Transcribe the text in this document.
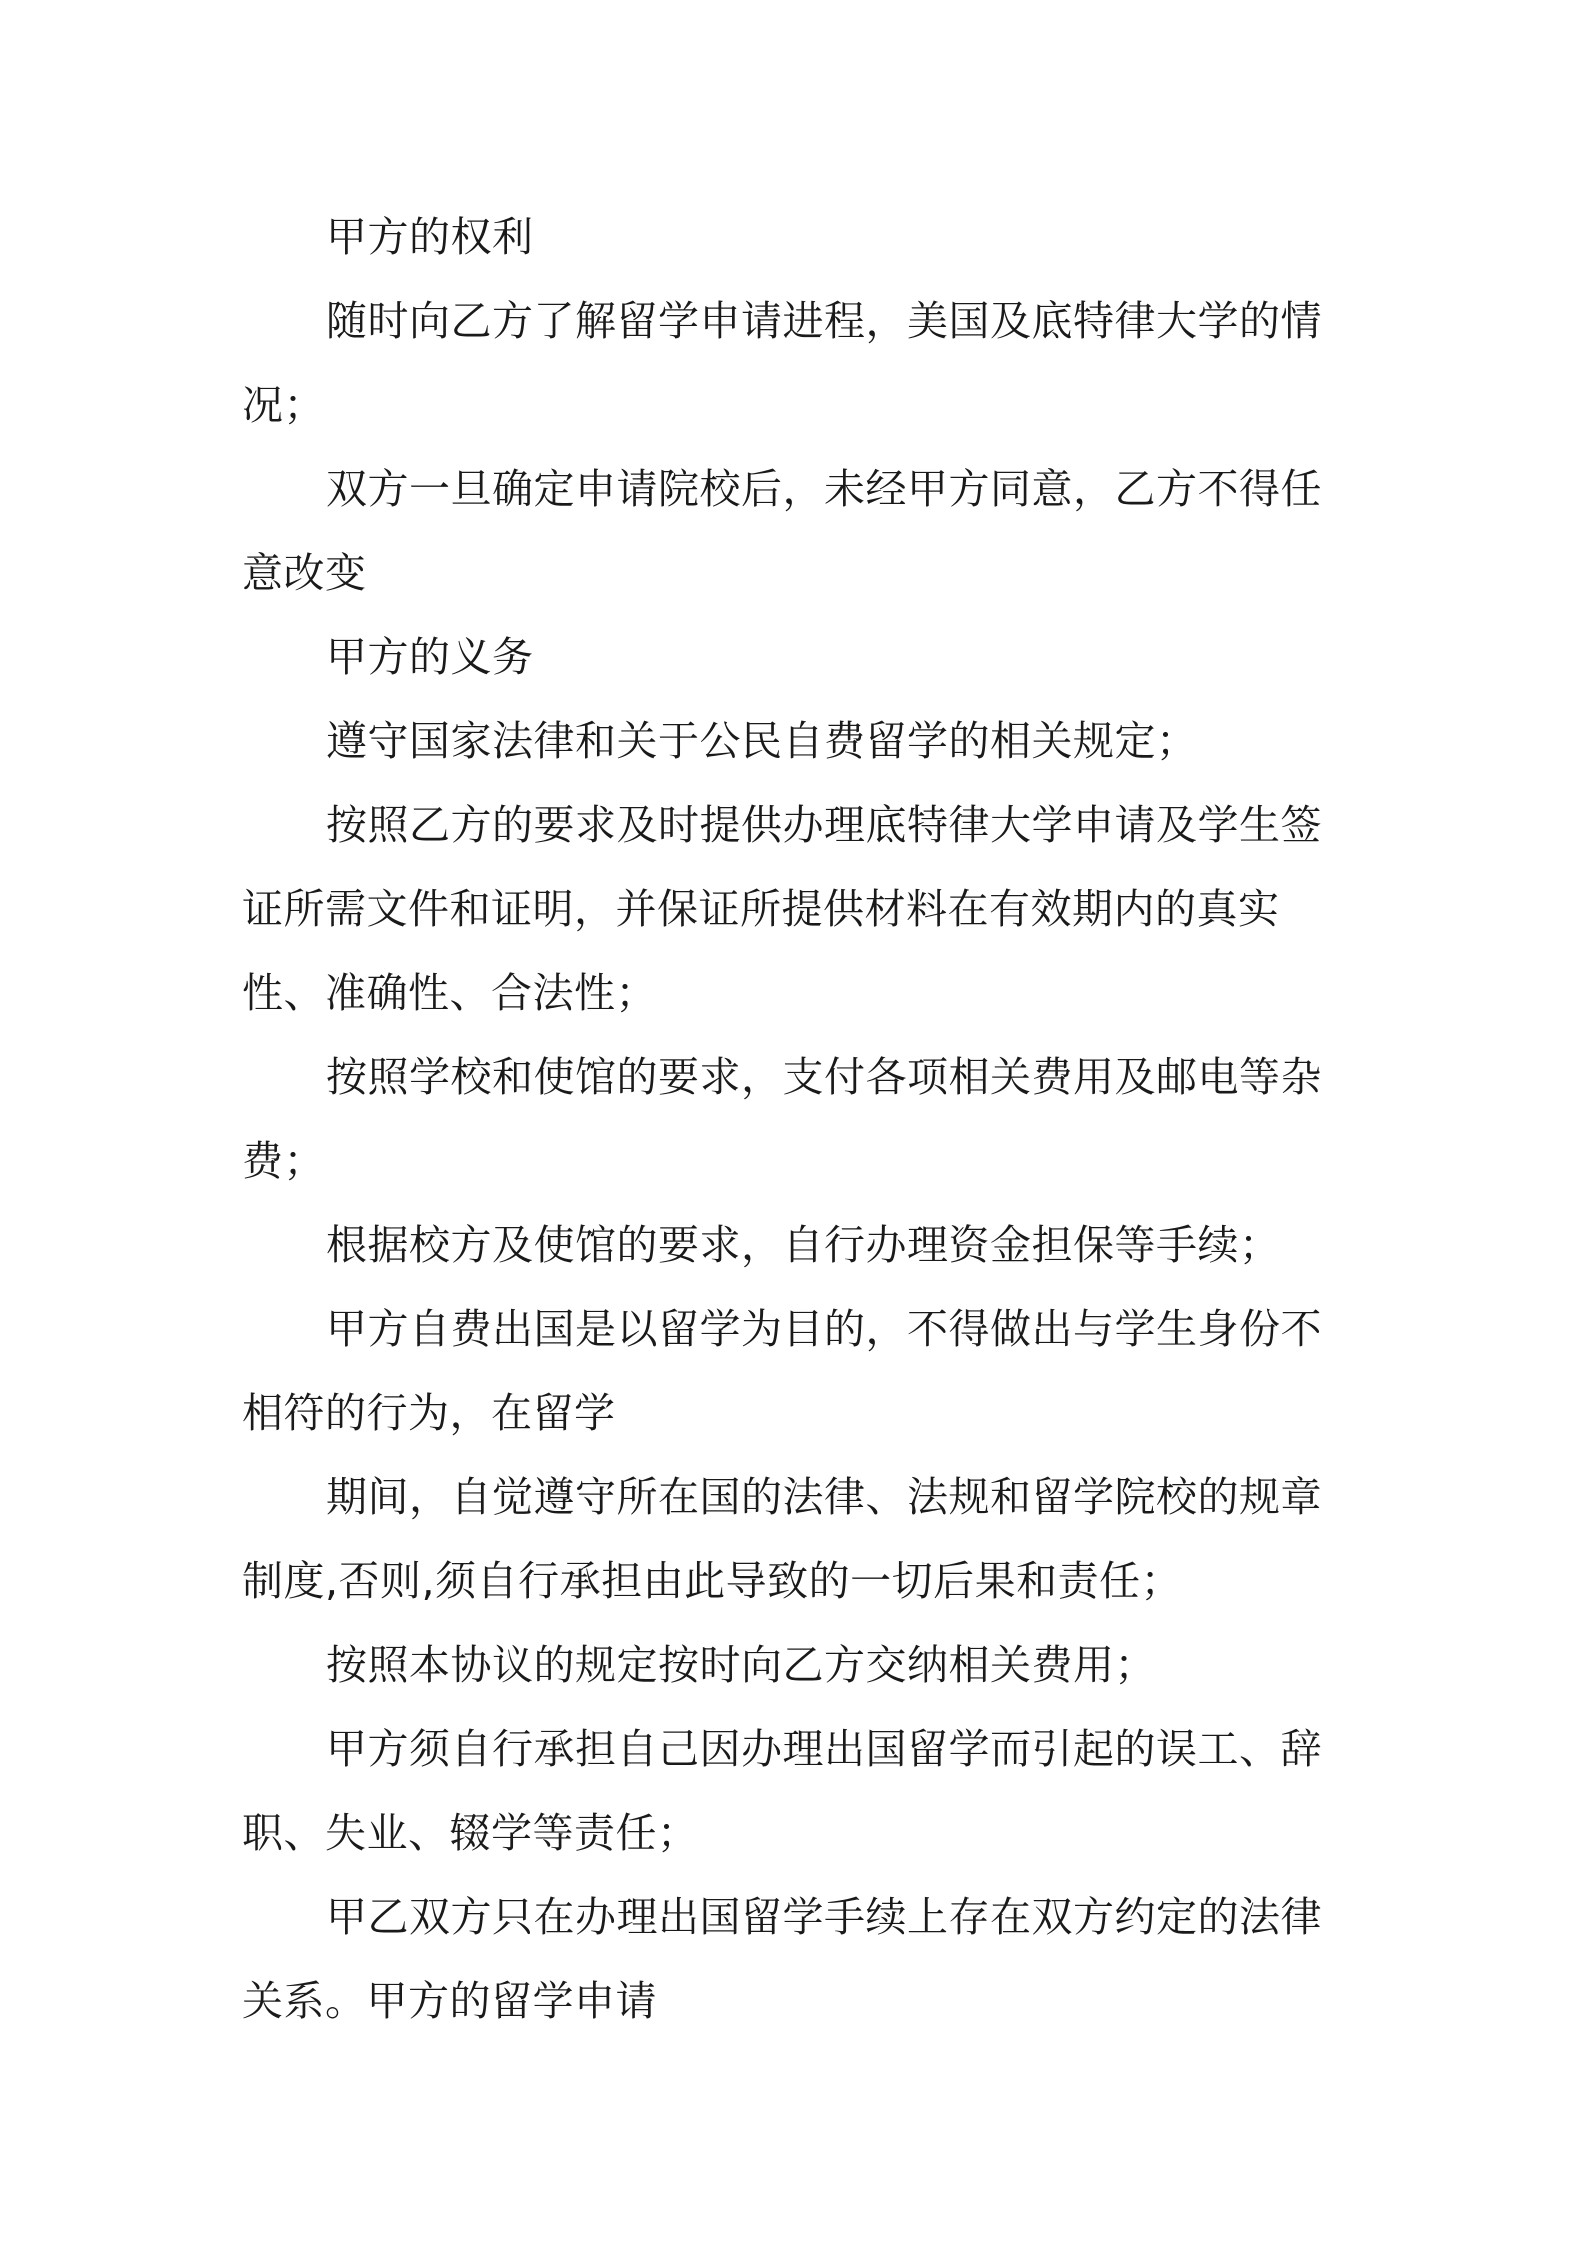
甲方的权利

随时向乙方了解留学申请进程，美国及底特律大学的情况；

双方一旦确定申请院校后，未经甲方同意，乙方不得任意改变

甲方的义务

遵守国家法律和关于公民自费留学的相关规定；

按照乙方的要求及时提供办理底特律大学申请及学生签证所需文件和证明，并保证所提供材料在有效期内的真实性、准确性、合法性；

按照学校和使馆的要求，支付各项相关费用及邮电等杂费；

根据校方及使馆的要求，自行办理资金担保等手续；

甲方自费出国是以留学为目的，不得做出与学生身份不相符的行为，在留学

期间，自觉遵守所在国的法律、法规和留学院校的规章制度,否则,须自行承担由此导致的一切后果和责任；

按照本协议的规定按时向乙方交纳相关费用；

甲方须自行承担自己因办理出国留学而引起的误工、辞职、失业、辍学等责任；

甲乙双方只在办理出国留学手续上存在双方约定的法律关系。甲方的留学申请
